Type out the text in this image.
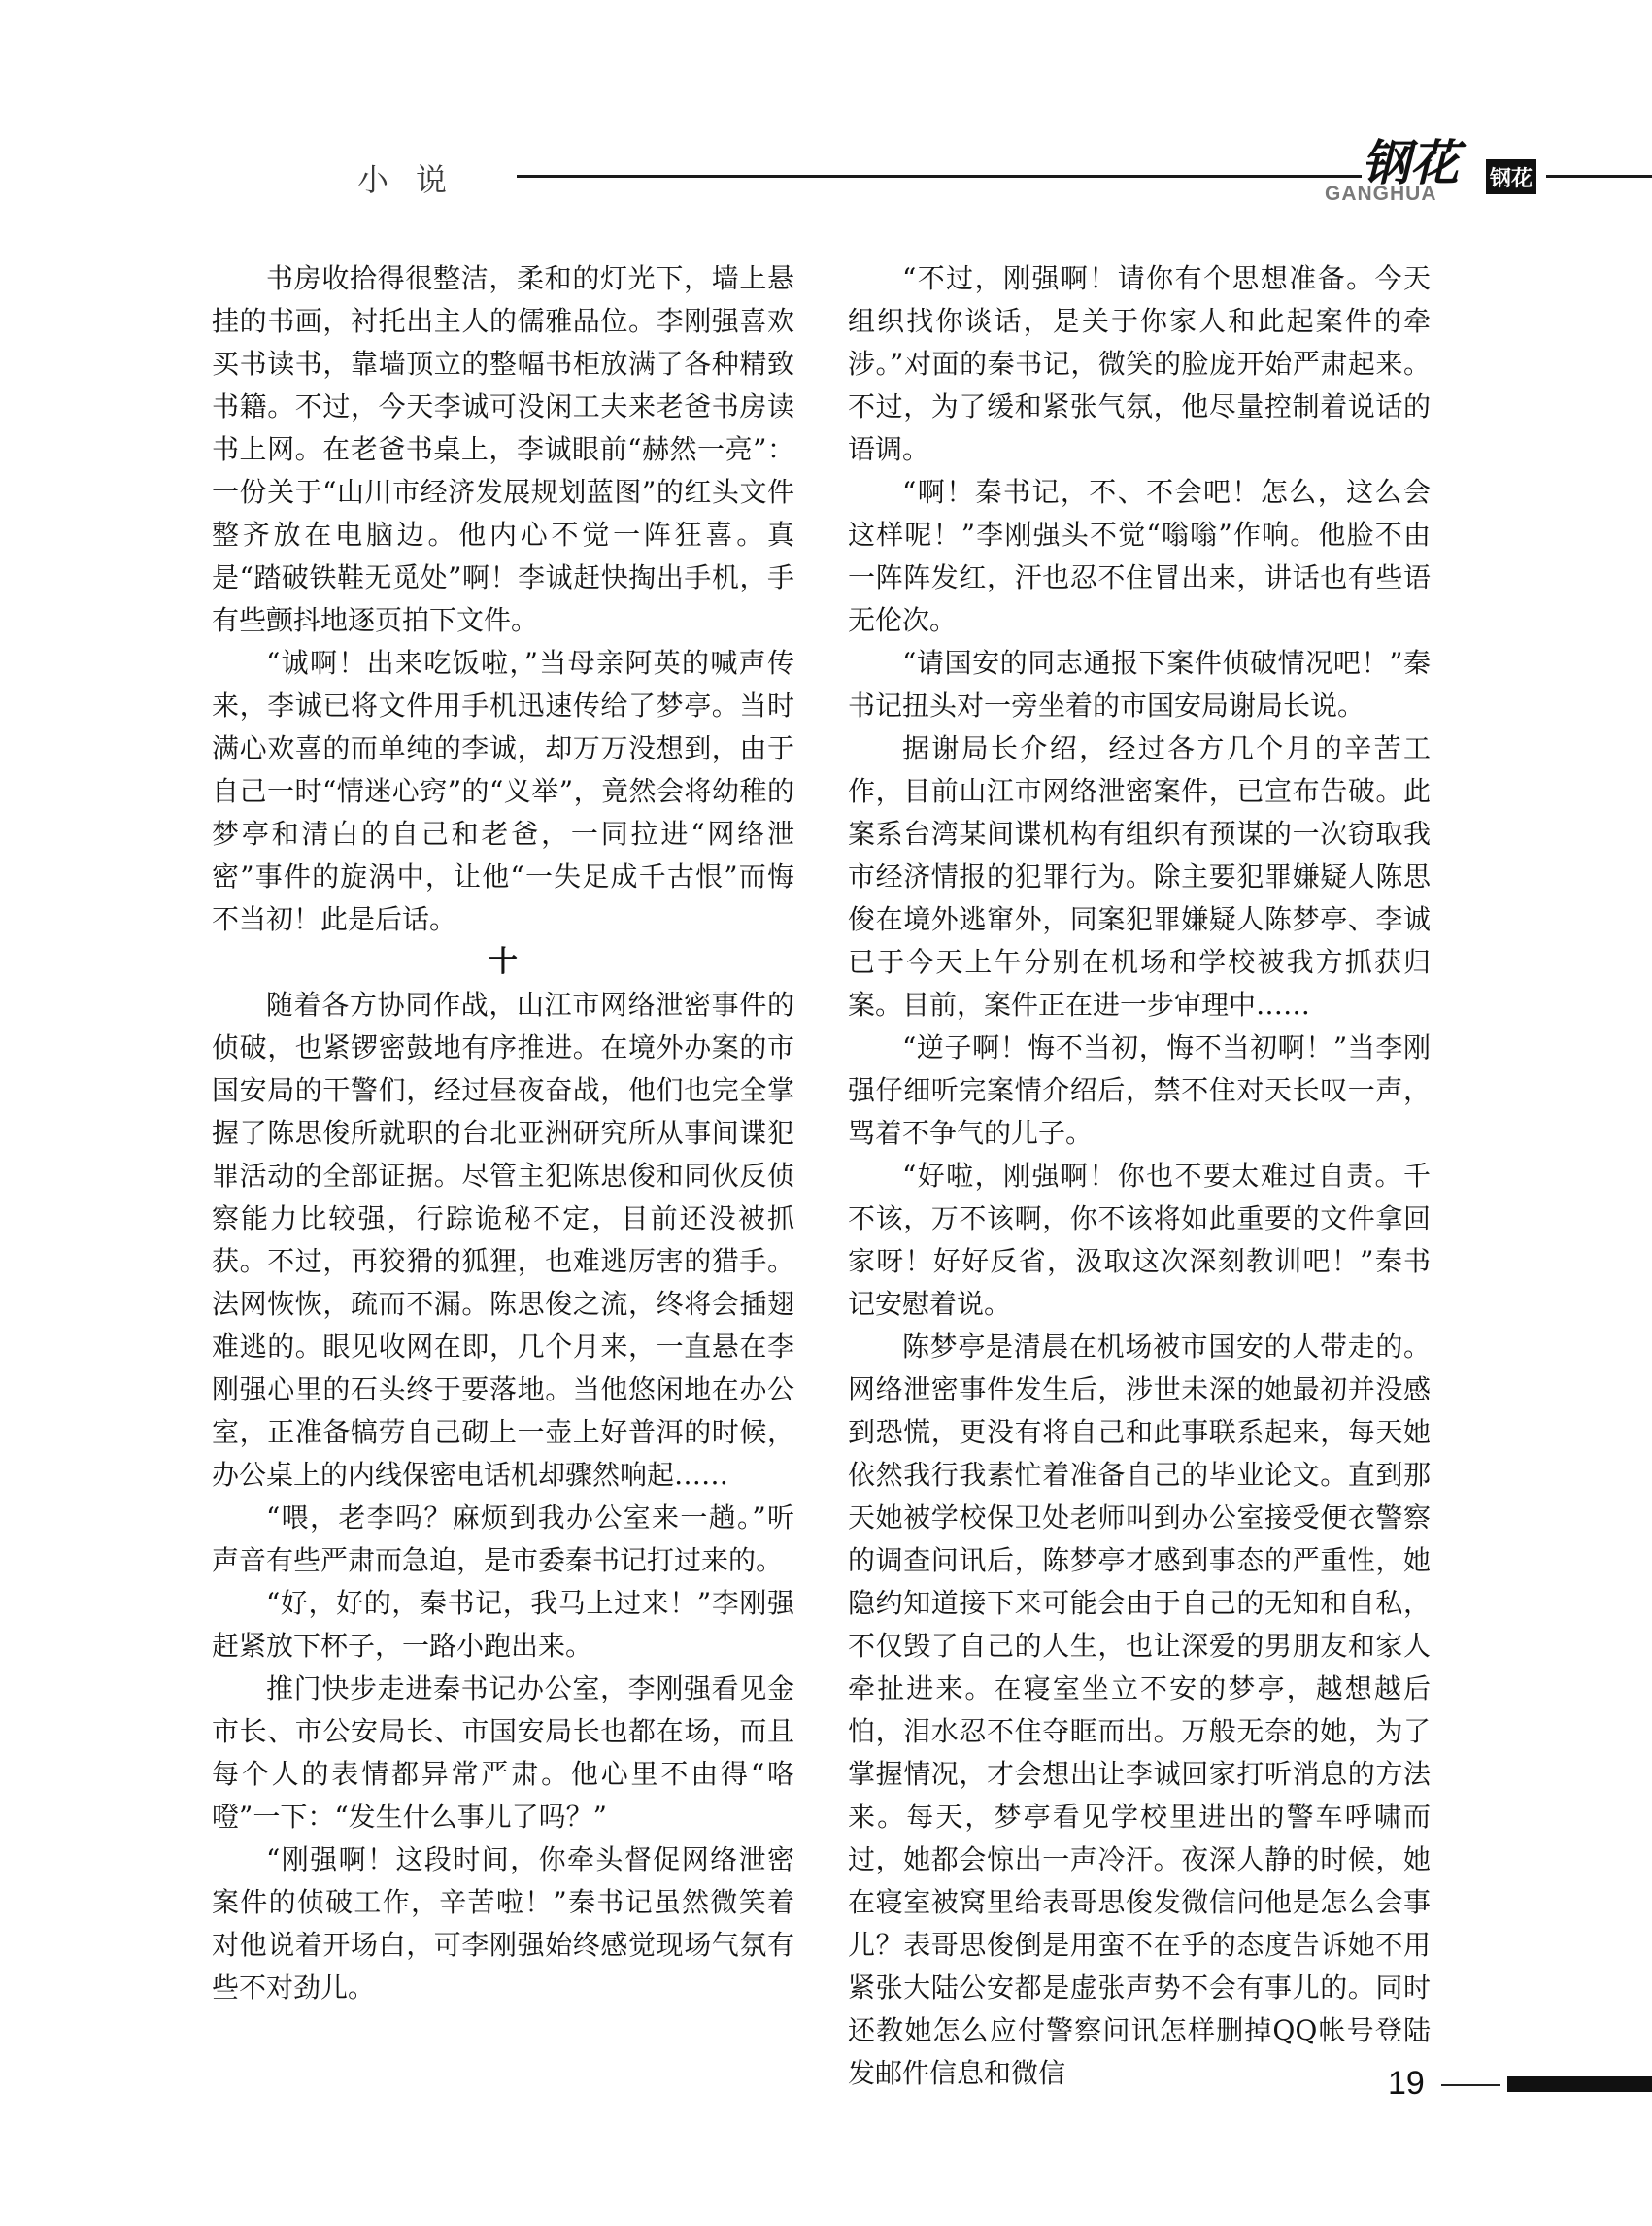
小说	钢花 钢花
GANGHUA

书房收拾得很整洁，柔和的灯光下，墙上悬挂的书画，衬托出主人的儒雅品位。李刚强喜欢买书读书，靠墙顶立的整幅书柜放满了各种精致书籍。不过，今天李诚可没闲工夫来老爸书房读书上网。在老爸书桌上，李诚眼前“赫然一亮”：一份关于“山川市经济发展规划蓝图”的红头文件整齐放在电脑边。他内心不觉一阵狂喜。真是“踏破铁鞋无觅处”啊！李诚赶快掏出手机，手有些颤抖地逐页拍下文件。

“诚啊！出来吃饭啦，”当母亲阿英的喊声传来，李诚已将文件用手机迅速传给了梦亭。当时满心欢喜的而单纯的李诚，却万万没想到，由于自己一时“情迷心窍”的“义举”，竟然会将幼稚的梦亭和清白的自己和老爸，一同拉进“网络泄密”事件的旋涡中，让他“一失足成千古恨”而悔不当初！此是后话。

十

随着各方协同作战，山江市网络泄密事件的侦破，也紧锣密鼓地有序推进。在境外办案的市国安局的干警们，经过昼夜奋战，他们也完全掌握了陈思俊所就职的台北亚洲研究所从事间谍犯罪活动的全部证据。尽管主犯陈思俊和同伙反侦察能力比较强，行踪诡秘不定，目前还没被抓获。不过，再狡猾的狐狸，也难逃厉害的猎手。法网恢恢，疏而不漏。陈思俊之流，终将会插翅难逃的。眼见收网在即，几个月来，一直悬在李刚强心里的石头终于要落地。当他悠闲地在办公室，正准备犒劳自己砌上一壶上好普洱的时候，办公桌上的内线保密电话机却骤然响起……

“喂，老李吗？麻烦到我办公室来一趟。”听声音有些严肃而急迫，是市委秦书记打过来的。

“好，好的，秦书记，我马上过来！”李刚强赶紧放下杯子，一路小跑出来。

推门快步走进秦书记办公室，李刚强看见金市长、市公安局长、市国安局长也都在场，而且每个人的表情都异常严肃。他心里不由得“咯噔”一下：“发生什么事儿了吗？”

“刚强啊！这段时间，你牵头督促网络泄密案件的侦破工作，辛苦啦！”秦书记虽然微笑着对他说着开场白，可李刚强始终感觉现场气氛有些不对劲儿。

“不过，刚强啊！请你有个思想准备。今天组织找你谈话，是关于你家人和此起案件的牵涉。”对面的秦书记，微笑的脸庞开始严肃起来。不过，为了缓和紧张气氛，他尽量控制着说话的语调。

“啊！秦书记，不、不会吧！怎么，这么会这样呢！”李刚强头不觉“嗡嗡”作响。他脸不由一阵阵发红，汗也忍不住冒出来，讲话也有些语无伦次。

“请国安的同志通报下案件侦破情况吧！”秦书记扭头对一旁坐着的市国安局谢局长说。

据谢局长介绍，经过各方几个月的辛苦工作，目前山江市网络泄密案件，已宣布告破。此案系台湾某间谍机构有组织有预谋的一次窃取我市经济情报的犯罪行为。除主要犯罪嫌疑人陈思俊在境外逃窜外，同案犯罪嫌疑人陈梦亭、李诚已于今天上午分别在机场和学校被我方抓获归案。目前，案件正在进一步审理中……

“逆子啊！悔不当初，悔不当初啊！”当李刚强仔细听完案情介绍后，禁不住对天长叹一声，骂着不争气的儿子。

“好啦，刚强啊！你也不要太难过自责。千不该，万不该啊，你不该将如此重要的文件拿回家呀！好好反省，汲取这次深刻教训吧！”秦书记安慰着说。

陈梦亭是清晨在机场被市国安的人带走的。网络泄密事件发生后，涉世未深的她最初并没感到恐慌，更没有将自己和此事联系起来，每天她依然我行我素忙着准备自己的毕业论文。直到那天她被学校保卫处老师叫到办公室接受便衣警察的调查问讯后，陈梦亭才感到事态的严重性，她隐约知道接下来可能会由于自己的无知和自私，不仅毁了自己的人生，也让深爱的男朋友和家人牵扯进来。在寝室坐立不安的梦亭，越想越后怕，泪水忍不住夺眶而出。万般无奈的她，为了掌握情况，才会想出让李诚回家打听消息的方法来。每天，梦亭看见学校里进出的警车呼啸而过，她都会惊出一声冷汗。夜深人静的时候，她在寝室被窝里给表哥思俊发微信问他是怎么会事儿？表哥思俊倒是用蛮不在乎的态度告诉她不用紧张大陆公安都是虚张声势不会有事儿的。同时还教她怎么应付警察问讯怎样删掉QQ帐号登陆发邮件信息和微信	19
